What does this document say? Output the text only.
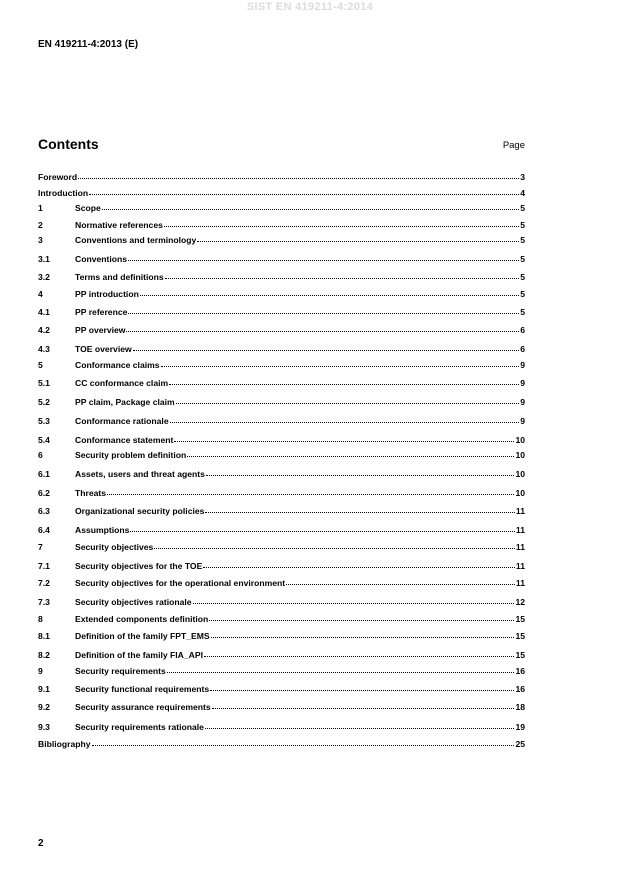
SIST EN 419211-4:2014
EN 419211-4:2013 (E)
Contents	Page
Foreword	3
Introduction	4
1	Scope	5
2	Normative references	5
3	Conventions and terminology	5
3.1	Conventions	5
3.2	Terms and definitions	5
4	PP introduction	5
4.1	PP reference	5
4.2	PP overview	6
4.3	TOE overview	6
5	Conformance claims	9
5.1	CC conformance claim	9
5.2	PP claim, Package claim	9
5.3	Conformance rationale	9
5.4	Conformance statement	10
6	Security problem definition	10
6.1	Assets, users and threat agents	10
6.2	Threats	10
6.3	Organizational security policies	11
6.4	Assumptions	11
7	Security objectives	11
7.1	Security objectives for the TOE	11
7.2	Security objectives for the operational environment	11
7.3	Security objectives rationale	12
8	Extended components definition	15
8.1	Definition of the family FPT_EMS	15
8.2	Definition of the family FIA_API	15
9	Security requirements	16
9.1	Security functional requirements	16
9.2	Security assurance requirements	18
9.3	Security requirements rationale	19
Bibliography	25
2
